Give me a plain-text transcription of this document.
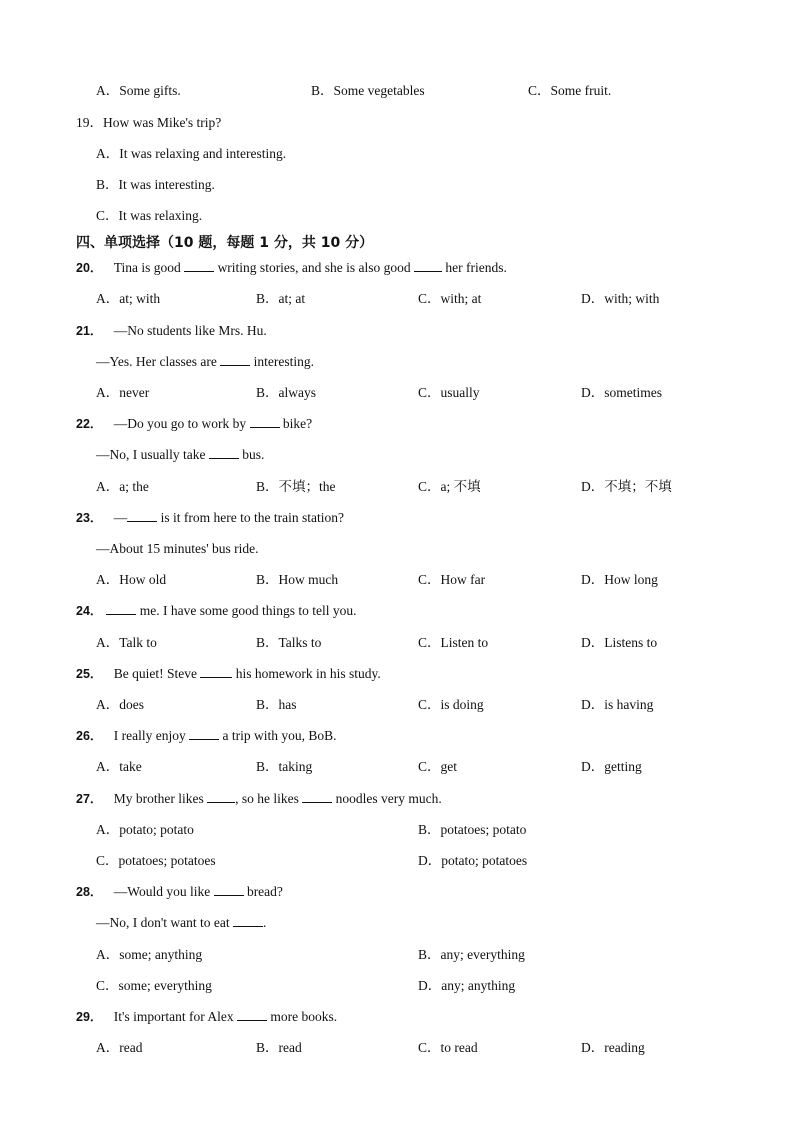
A．Some gifts.	B．Some vegetables	C．Some fruit.
19．How was Mike's trip?
A．It was relaxing and interesting.
B．It was interesting.
C．It was relaxing.
四、单项选择（10 题，每题 1 分，共 10 分）
20． Tina is good  writing stories, and she is also good  her friends.
A．at; with	B．at; at	C．with; at	D．with; with
21． —No students like Mrs. Hu.
—Yes. Her classes are  interesting.
A．never	B．always	C．usually	D．sometimes
22． —Do you go to work by  bike?
—No, I usually take  bus.
A．a; the	B．不填；the	C．a; 不填	D．不填；不填
23． — is it from here to the train station?
—About 15 minutes' bus ride.
A．How old	B．How much	C．How far	D．How long
24．	me. I have some good things to tell you.
A．Talk to	B．Talks to	C．Listen to	D．Listens to
25． Be quiet! Steve  his homework in his study.
A．does	B．has	C．is doing	D．is having
26． I really enjoy  a trip with you, BoB.
A．take	B．taking	C．get	D．getting
27． My brother likes , so he likes  noodles very much.
A．potato; potato	B．potatoes; potato
C．potatoes; potatoes	D．potato; potatoes
28． —Would you like  bread?
—No, I don't want to eat .
A．some; anything	B．any; everything
C．some; everything	D．any; anything
29． It's important for Alex  more books.
A．read	B．read	C．to read	D．reading
